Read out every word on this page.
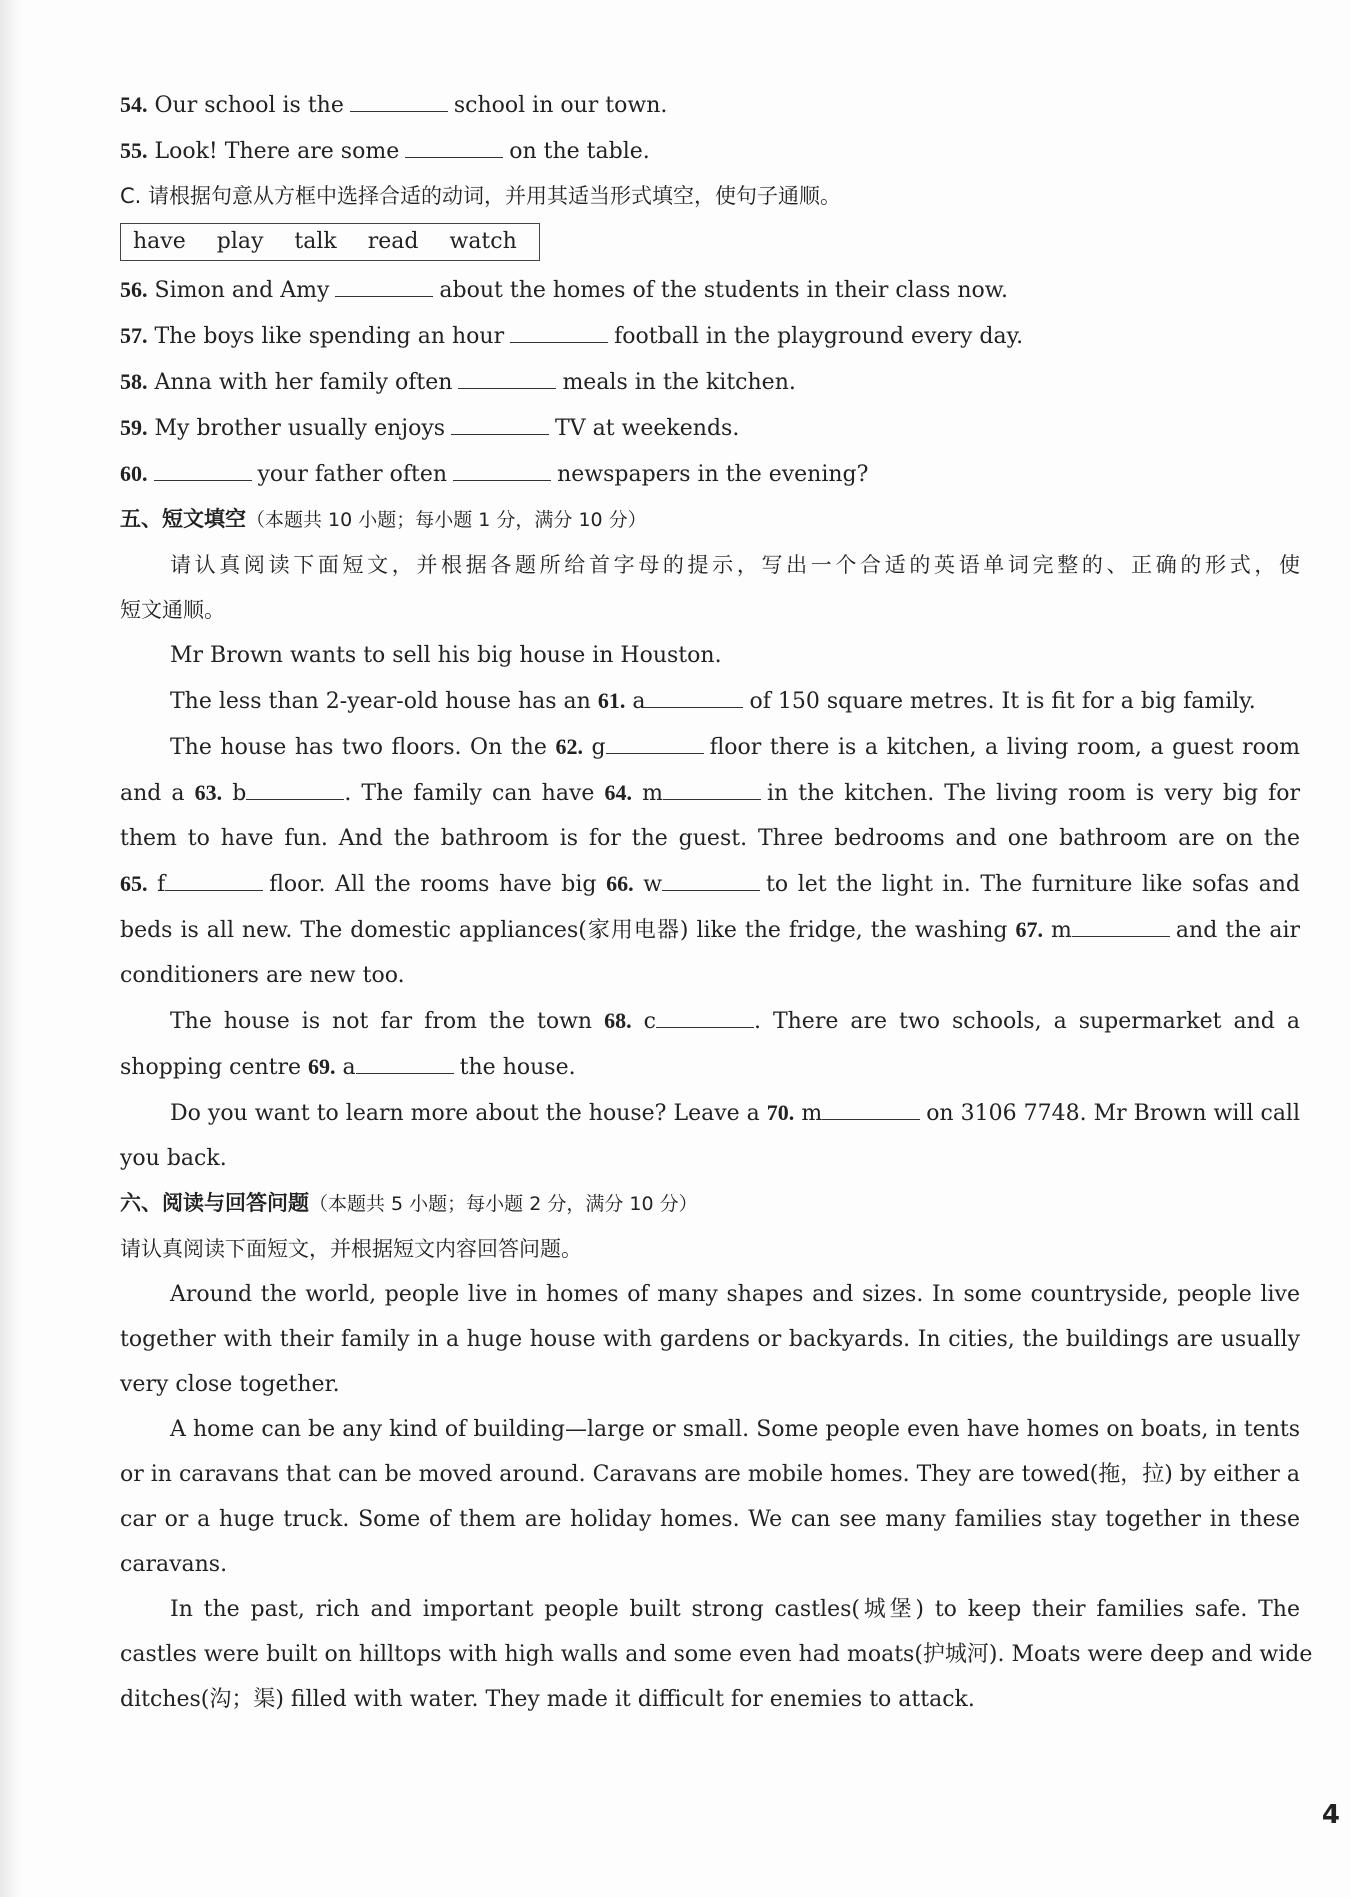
54. Our school is the	school in our town.
55. Look! There are some	on the table.
C. 请根据句意从方框中选择合适的动词，并用其适当形式填空，使句子通顺。
have play talk read watch
56. Simon and Amy	about the homes of the students in their class now.
57. The boys like spending an hour	football in the playground every day.
58. Anna with her family often	meals in the kitchen.
59. My brother usually enjoys	TV at weekends.
60.	your father often	newspapers in the evening?
五、短文填空（本题共 10 小题；每小题 1 分，满分 10 分）
请认真阅读下面短文，并根据各题所给首字母的提示，写出一个合适的英语单词完整的、正确的形式，使
短文通顺。
Mr Brown wants to sell his big house in Houston.
The less than 2-year-old house has an 61. a	of 150 square metres. It is fit for a big family.
The house has two floors. On the 62. g	floor there is a kitchen, a living room, a guest room
and a 63. b	. The family can have 64. m	in the kitchen. The living room is very big for
them to have fun. And the bathroom is for the guest. Three bedrooms and one bathroom are on the
65. f	floor. All the rooms have big 66. w	to let the light in. The furniture like sofas and
beds is all new. The domestic appliances(家用电器) like the fridge, the washing 67. m	and the air
conditioners are new too.
The house is not far from the town 68. c	. There are two schools, a supermarket and a
shopping centre 69. a	the house.
Do you want to learn more about the house? Leave a 70. m	on 3106 7748. Mr Brown will call
you back.
六、阅读与回答问题（本题共 5 小题；每小题 2 分，满分 10 分）
请认真阅读下面短文，并根据短文内容回答问题。
Around the world, people live in homes of many shapes and sizes. In some countryside, people live
together with their family in a huge house with gardens or backyards. In cities, the buildings are usually
very close together.
A home can be any kind of building—large or small. Some people even have homes on boats, in tents
or in caravans that can be moved around. Caravans are mobile homes. They are towed(拖，拉) by either a
car or a huge truck. Some of them are holiday homes. We can see many families stay together in these
caravans.
In the past, rich and important people built strong castles(城堡) to keep their families safe. The
castles were built on hilltops with high walls and some even had moats(护城河). Moats were deep and wide
ditches(沟；渠) filled with water. They made it difficult for enemies to attack.
4
